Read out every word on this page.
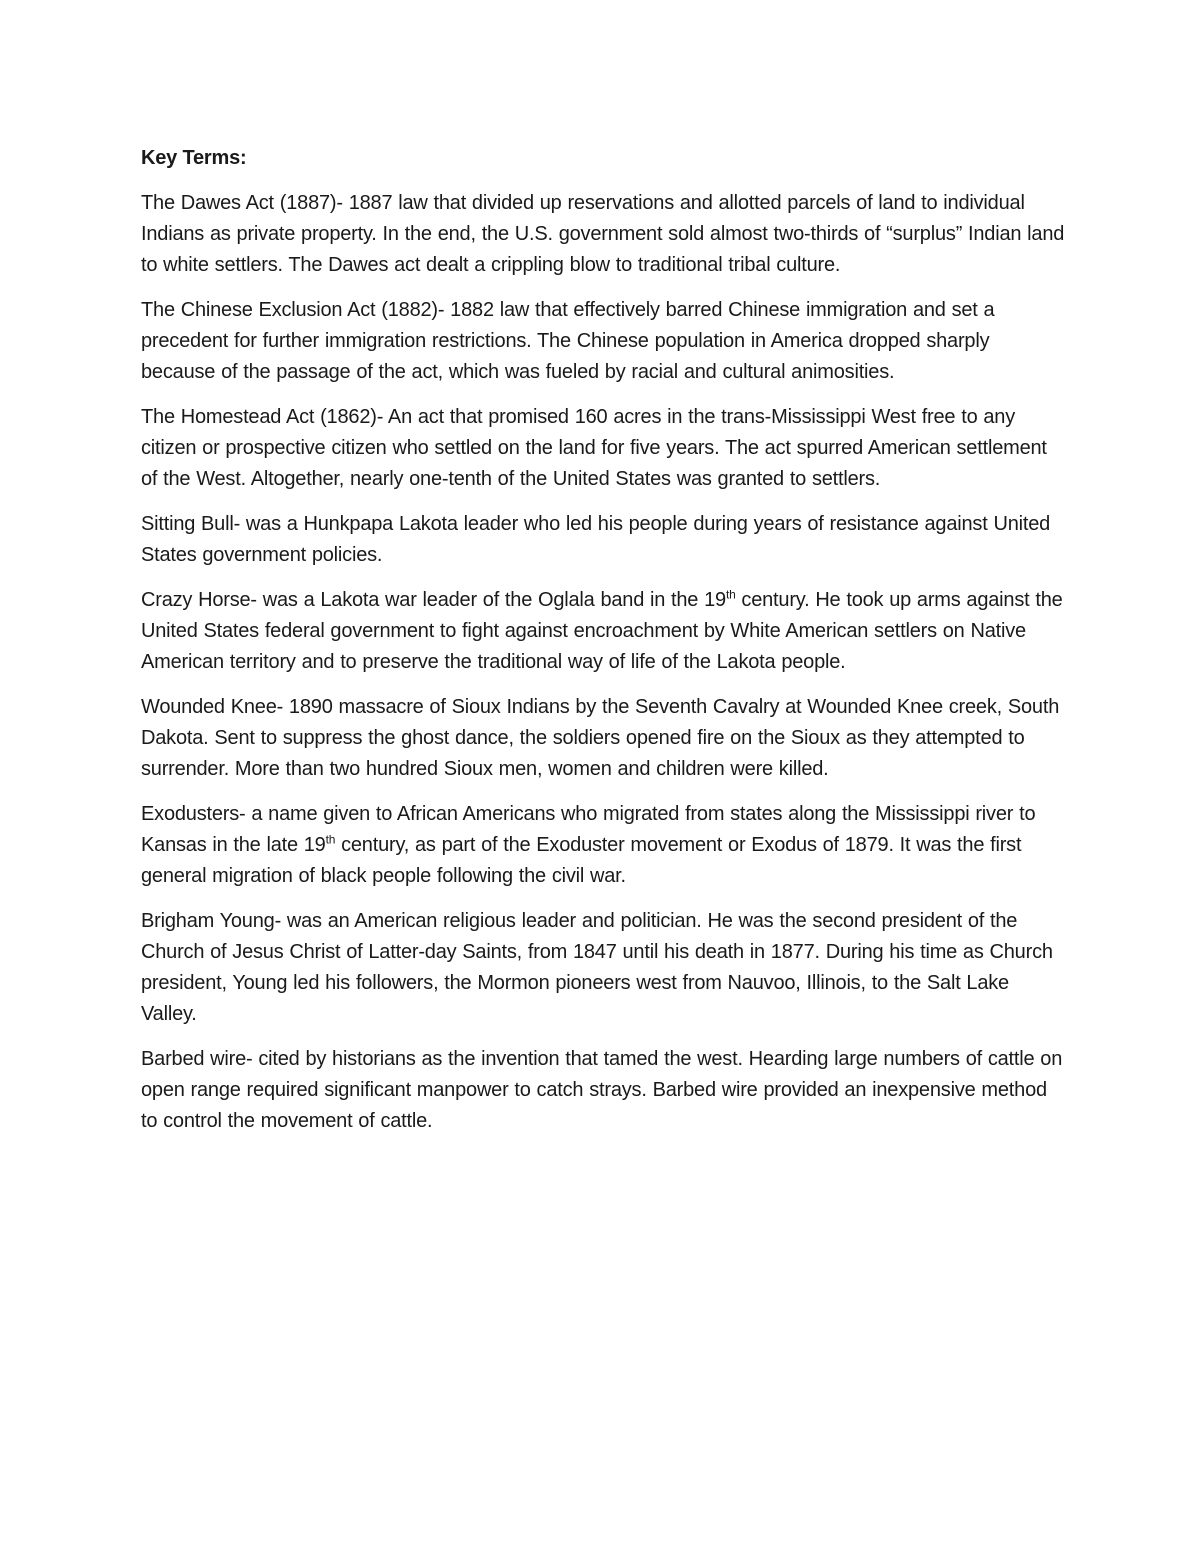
Key Terms:

The Dawes Act (1887)- 1887 law that divided up reservations and allotted parcels of land to individual Indians as private property. In the end, the U.S. government sold almost two-thirds of “surplus” Indian land to white settlers. The Dawes act dealt a crippling blow to traditional tribal culture.

The Chinese Exclusion Act (1882)- 1882 law that effectively barred Chinese immigration and set a precedent for further immigration restrictions. The Chinese population in America dropped sharply because of the passage of the act, which was fueled by racial and cultural animosities.

The Homestead Act (1862)- An act that promised 160 acres in the trans-Mississippi West free to any citizen or prospective citizen who settled on the land for five years. The act spurred American settlement of the West. Altogether, nearly one-tenth of the United States was granted to settlers.

Sitting Bull- was a Hunkpapa Lakota leader who led his people during years of resistance against United States government policies.

Crazy Horse- was a Lakota war leader of the Oglala band in the 19th century. He took up arms against the United States federal government to fight against encroachment by White American settlers on Native American territory and to preserve the traditional way of life of the Lakota people.

Wounded Knee- 1890 massacre of Sioux Indians by the Seventh Cavalry at Wounded Knee creek, South Dakota. Sent to suppress the ghost dance, the soldiers opened fire on the Sioux as they attempted to surrender. More than two hundred Sioux men, women and children were killed.

Exodusters- a name given to African Americans who migrated from states along the Mississippi river to Kansas in the late 19th century, as part of the Exoduster movement or Exodus of 1879. It was the first general migration of black people following the civil war.

Brigham Young- was an American religious leader and politician. He was the second president of the Church of Jesus Christ of Latter-day Saints, from 1847 until his death in 1877. During his time as Church president, Young led his followers, the Mormon pioneers west from Nauvoo, Illinois, to the Salt Lake Valley.

Barbed wire- cited by historians as the invention that tamed the west. Hearding large numbers of cattle on open range required significant manpower to catch strays. Barbed wire provided an inexpensive method to control the movement of cattle.
